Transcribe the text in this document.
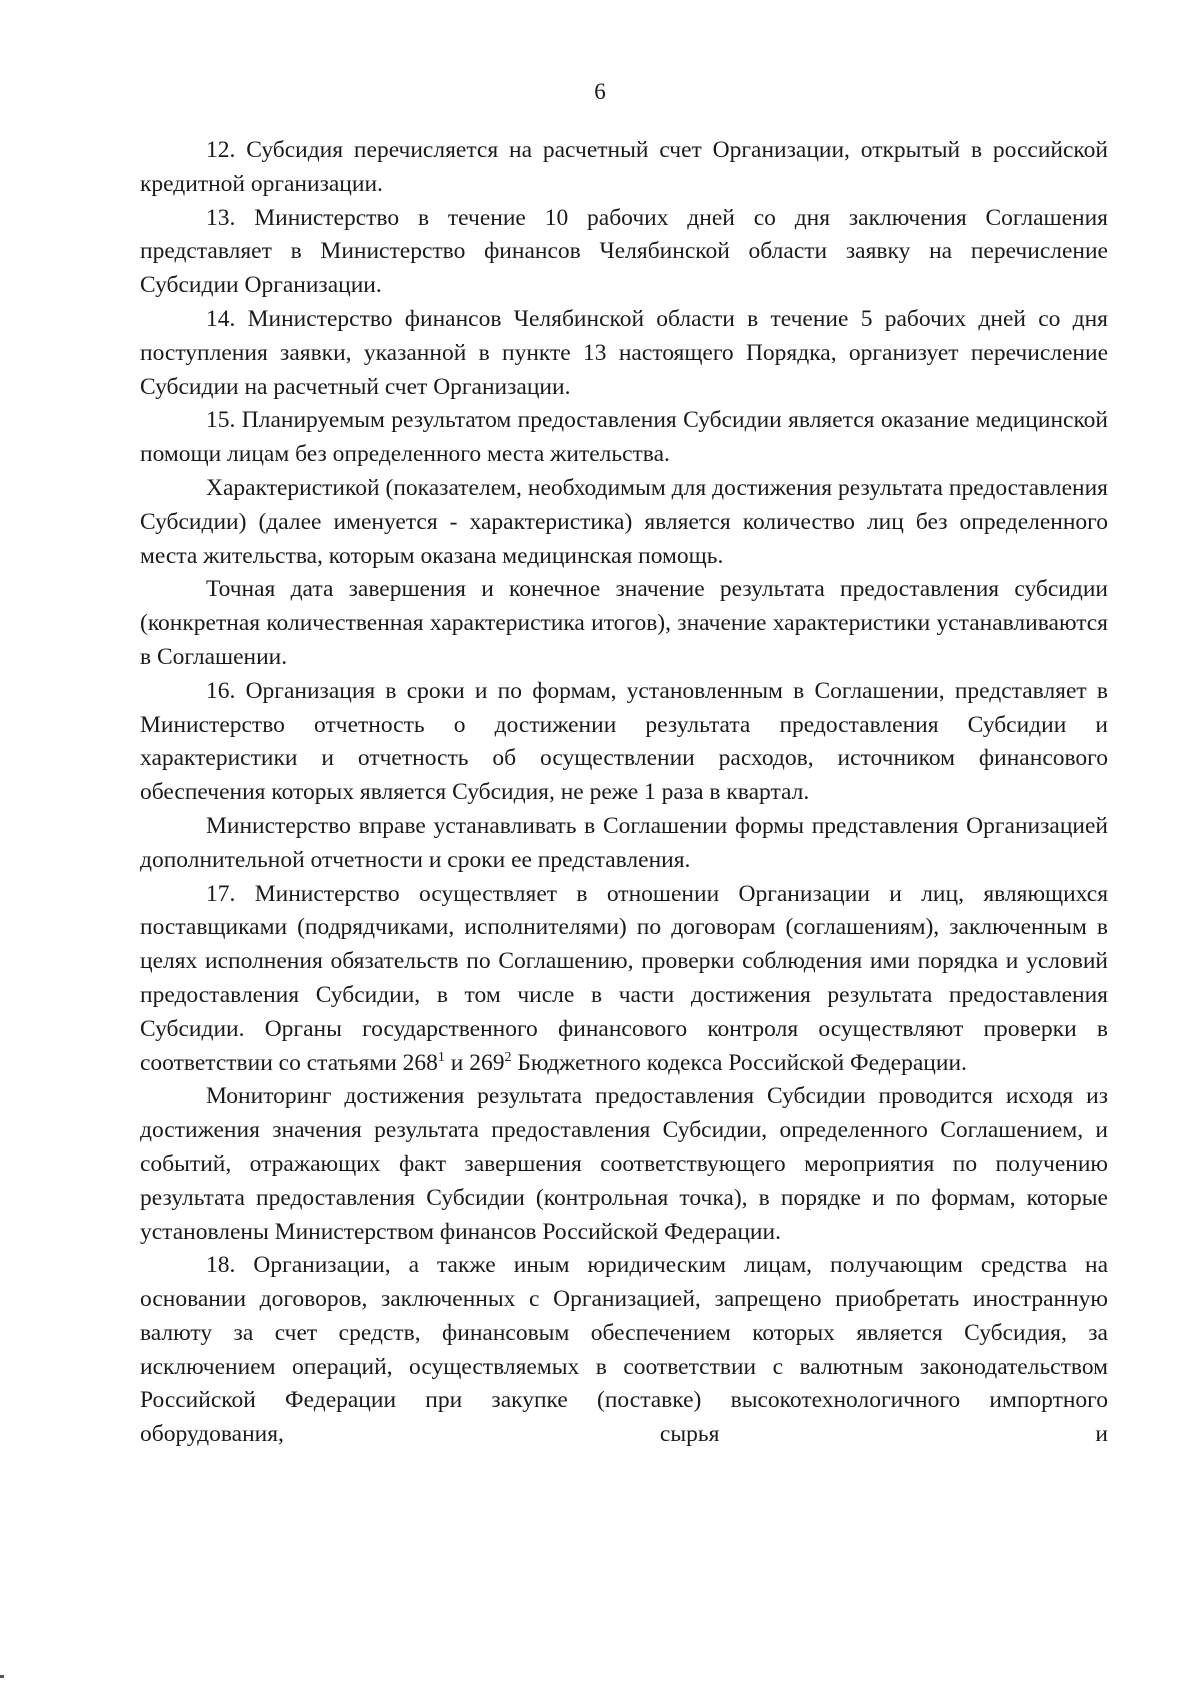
6

12. Субсидия перечисляется на расчетный счет Организации, открытый в российской кредитной организации.

13. Министерство в течение 10 рабочих дней со дня заключения Соглашения представляет в Министерство финансов Челябинской области заявку на перечисление Субсидии Организации.

14. Министерство финансов Челябинской области в течение 5 рабочих дней со дня поступления заявки, указанной в пункте 13 настоящего Порядка, организует перечисление Субсидии на расчетный счет Организации.

15. Планируемым результатом предоставления Субсидии является оказание медицинской помощи лицам без определенного места жительства.

Характеристикой (показателем, необходимым для достижения результата предоставления Субсидии) (далее именуется - характеристика) является количество лиц без определенного места жительства, которым оказана медицинская помощь.

Точная дата завершения и конечное значение результата предоставления субсидии (конкретная количественная характеристика итогов), значение характеристики устанавливаются в Соглашении.

16. Организация в сроки и по формам, установленным в Соглашении, представляет в Министерство отчетность о достижении результата предоставления Субсидии и характеристики и отчетность об осуществлении расходов, источником финансового обеспечения которых является Субсидия, не реже 1 раза в квартал.

Министерство вправе устанавливать в Соглашении формы представления Организацией дополнительной отчетности и сроки ее представления.

17. Министерство осуществляет в отношении Организации и лиц, являющихся поставщиками (подрядчиками, исполнителями) по договорам (соглашениям), заключенным в целях исполнения обязательств по Соглашению, проверки соблюдения ими порядка и условий предоставления Субсидии, в том числе в части достижения результата предоставления Субсидии. Органы государственного финансового контроля осуществляют проверки в соответствии со статьями $268^1$ и $269^2$ Бюджетного кодекса Российской Федерации.

Мониторинг достижения результата предоставления Субсидии проводится исходя из достижения значения результата предоставления Субсидии, определенного Соглашением, и событий, отражающих факт завершения соответствующего мероприятия по получению результата предоставления Субсидии (контрольная точка), в порядке и по формам, которые установлены Министерством финансов Российской Федерации.

18. Организации, а также иным юридическим лицам, получающим средства на основании договоров, заключенных с Организацией, запрещено приобретать иностранную валюту за счет средств, финансовым обеспечением которых является Субсидия, за исключением операций, осуществляемых в соответствии с валютным законодательством Российской Федерации при закупке (поставке) высокотехнологичного импортного оборудования, сырья и
